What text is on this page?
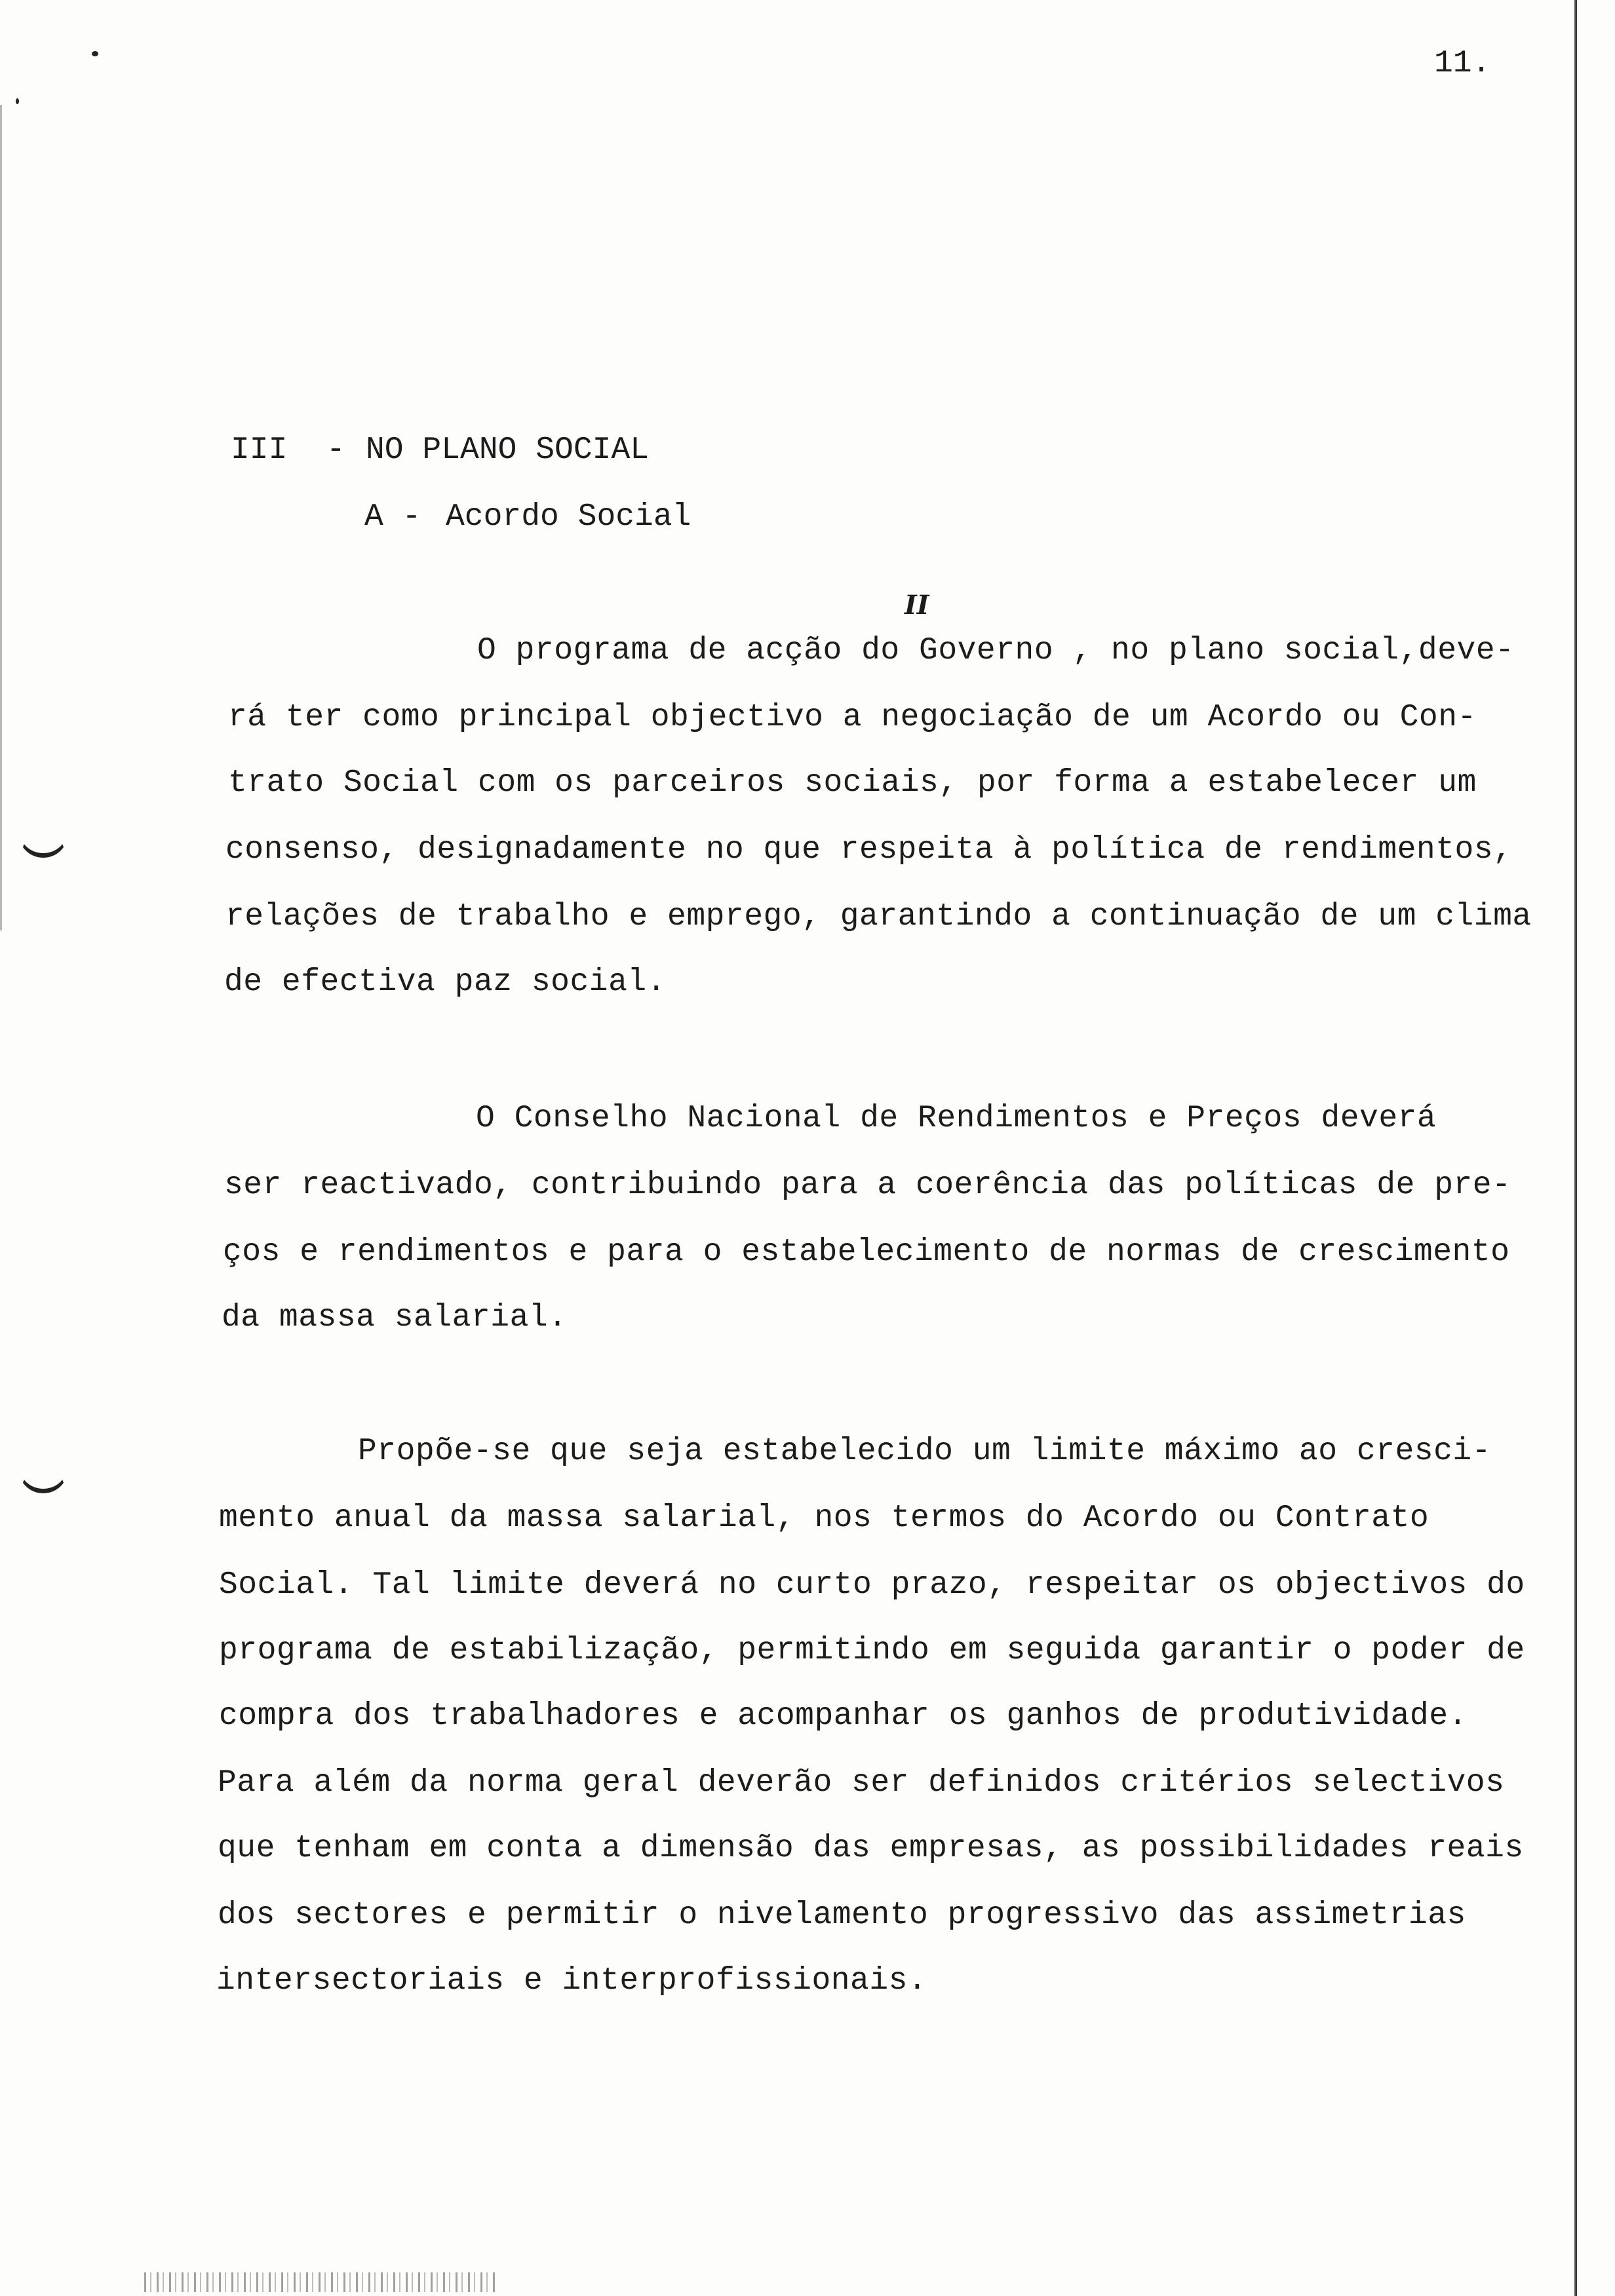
11.
III - NO PLANO SOCIAL
A - Acordo Social
II
O programa de acção do Governo , no plano social,deve-
rá ter como principal objectivo a negociação de um Acordo ou Con-
trato Social com os parceiros sociais, por forma a estabelecer um
consenso, designadamente no que respeita à política de rendimentos,
relações de trabalho e emprego, garantindo a continuação de um clima
de efectiva paz social.
O Conselho Nacional de Rendimentos e Preços deverá
ser reactivado, contribuindo para a coerência das políticas de pre-
ços e rendimentos e para o estabelecimento de normas de crescimento
da massa salarial.
Propõe-se que seja estabelecido um limite máximo ao cresci-
mento anual da massa salarial, nos termos do Acordo ou Contrato
Social. Tal limite deverá no curto prazo, respeitar os objectivos do
programa de estabilização, permitindo em seguida garantir o poder de
compra dos trabalhadores e acompanhar os ganhos de produtividade.
Para além da norma geral deverão ser definidos critérios selectivos
que tenham em conta a dimensão das empresas, as possibilidades reais
dos sectores e permitir o nivelamento progressivo das assimetrias
intersectoriais e interprofissionais.
